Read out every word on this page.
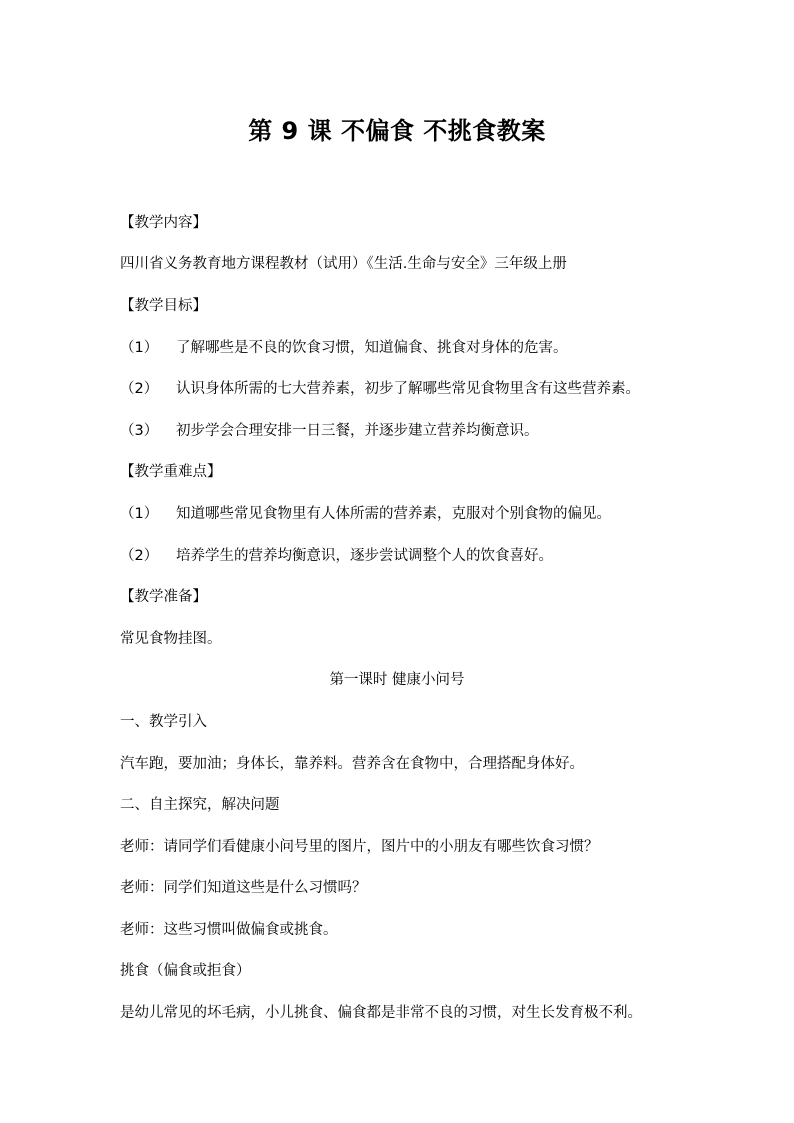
第 9 课 不偏食 不挑食教案
【教学内容】
四川省义务教育地方课程教材（试用）《生活.生命与安全》三年级上册
【教学目标】
（1） 了解哪些是不良的饮食习惯，知道偏食、挑食对身体的危害。
（2） 认识身体所需的七大营养素，初步了解哪些常见食物里含有这些营养素。
（3） 初步学会合理安排一日三餐，并逐步建立营养均衡意识。
【教学重难点】
（1） 知道哪些常见食物里有人体所需的营养素，克服对个别食物的偏见。
（2） 培养学生的营养均衡意识，逐步尝试调整个人的饮食喜好。
【教学准备】
常见食物挂图。
第一课时 健康小问号
一、教学引入
汽车跑，要加油；身体长，靠养料。营养含在食物中，合理搭配身体好。
二、自主探究，解决问题
老师：请同学们看健康小问号里的图片，图片中的小朋友有哪些饮食习惯？
老师：同学们知道这些是什么习惯吗？
老师：这些习惯叫做偏食或挑食。
挑食（偏食或拒食）
是幼儿常见的坏毛病，小儿挑食、偏食都是非常不良的习惯，对生长发育极不利。
